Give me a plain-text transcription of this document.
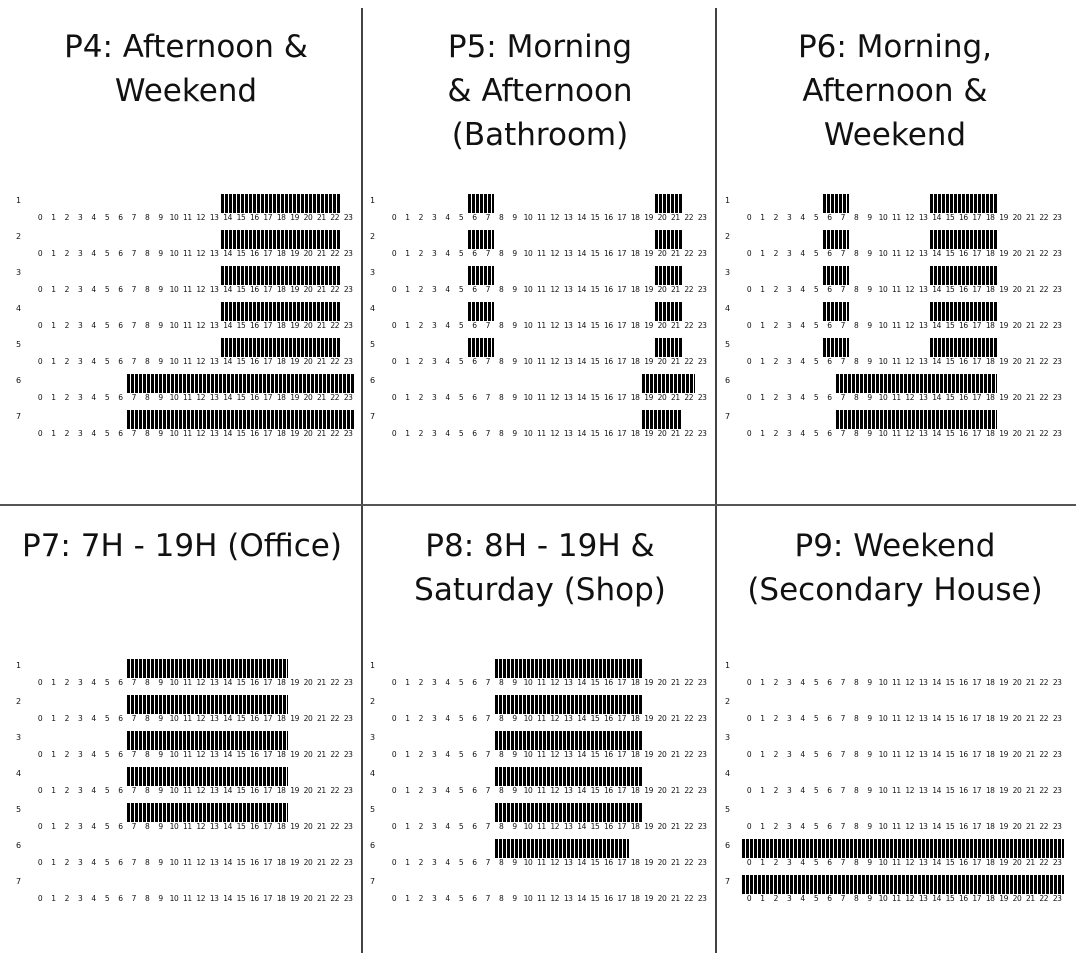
P4: Afternoon &
Weekend
1
0 1 2 3 4 5 6 7 8 9 10 11 12 13 14 15 16 17 18 19 20 21 22 23
2
0 1 2 3 4 5 6 7 8 9 10 11 12 13 14 15 16 17 18 19 20 21 22 23
3
0 1 2 3 4 5 6 7 8 9 10 11 12 13 14 15 16 17 18 19 20 21 22 23
4
0 1 2 3 4 5 6 7 8 9 10 11 12 13 14 15 16 17 18 19 20 21 22 23
5
0 1 2 3 4 5 6 7 8 9 10 11 12 13 14 15 16 17 18 19 20 21 22 23
6
0 1 2 3 4 5 6 7 8 9 10 11 12 13 14 15 16 17 18 19 20 21 22 23
7
0 1 2 3 4 5 6 7 8 9 10 11 12 13 14 15 16 17 18 19 20 21 22 23
P5: Morning
& Afternoon
(Bathroom)
1
0 1 2 3 4 5 6 7 8 9 10 11 12 13 14 15 16 17 18 19 20 21 22 23
2
0 1 2 3 4 5 6 7 8 9 10 11 12 13 14 15 16 17 18 19 20 21 22 23
3
0 1 2 3 4 5 6 7 8 9 10 11 12 13 14 15 16 17 18 19 20 21 22 23
4
0 1 2 3 4 5 6 7 8 9 10 11 12 13 14 15 16 17 18 19 20 21 22 23
5
0 1 2 3 4 5 6 7 8 9 10 11 12 13 14 15 16 17 18 19 20 21 22 23
6
0 1 2 3 4 5 6 7 8 9 10 11 12 13 14 15 16 17 18 19 20 21 22 23
7
0 1 2 3 4 5 6 7 8 9 10 11 12 13 14 15 16 17 18 19 20 21 22 23
P6: Morning,
Afternoon &
Weekend
1
0 1 2 3 4 5 6 7 8 9 10 11 12 13 14 15 16 17 18 19 20 21 22 23
2
0 1 2 3 4 5 6 7 8 9 10 11 12 13 14 15 16 17 18 19 20 21 22 23
3
0 1 2 3 4 5 6 7 8 9 10 11 12 13 14 15 16 17 18 19 20 21 22 23
4
0 1 2 3 4 5 6 7 8 9 10 11 12 13 14 15 16 17 18 19 20 21 22 23
5
0 1 2 3 4 5 6 7 8 9 10 11 12 13 14 15 16 17 18 19 20 21 22 23
6
0 1 2 3 4 5 6 7 8 9 10 11 12 13 14 15 16 17 18 19 20 21 22 23
7
0 1 2 3 4 5 6 7 8 9 10 11 12 13 14 15 16 17 18 19 20 21 22 23
P7: 7H - 19H (Office)
1
0 1 2 3 4 5 6 7 8 9 10 11 12 13 14 15 16 17 18 19 20 21 22 23
2
0 1 2 3 4 5 6 7 8 9 10 11 12 13 14 15 16 17 18 19 20 21 22 23
3
0 1 2 3 4 5 6 7 8 9 10 11 12 13 14 15 16 17 18 19 20 21 22 23
4
0 1 2 3 4 5 6 7 8 9 10 11 12 13 14 15 16 17 18 19 20 21 22 23
5
0 1 2 3 4 5 6 7 8 9 10 11 12 13 14 15 16 17 18 19 20 21 22 23
6
0 1 2 3 4 5 6 7 8 9 10 11 12 13 14 15 16 17 18 19 20 21 22 23
7
0 1 2 3 4 5 6 7 8 9 10 11 12 13 14 15 16 17 18 19 20 21 22 23
P8: 8H - 19H &
Saturday (Shop)
1
0 1 2 3 4 5 6 7 8 9 10 11 12 13 14 15 16 17 18 19 20 21 22 23
2
0 1 2 3 4 5 6 7 8 9 10 11 12 13 14 15 16 17 18 19 20 21 22 23
3
0 1 2 3 4 5 6 7 8 9 10 11 12 13 14 15 16 17 18 19 20 21 22 23
4
0 1 2 3 4 5 6 7 8 9 10 11 12 13 14 15 16 17 18 19 20 21 22 23
5
0 1 2 3 4 5 6 7 8 9 10 11 12 13 14 15 16 17 18 19 20 21 22 23
6
0 1 2 3 4 5 6 7 8 9 10 11 12 13 14 15 16 17 18 19 20 21 22 23
7
0 1 2 3 4 5 6 7 8 9 10 11 12 13 14 15 16 17 18 19 20 21 22 23
P9: Weekend
(Secondary House)
1
0 1 2 3 4 5 6 7 8 9 10 11 12 13 14 15 16 17 18 19 20 21 22 23
2
0 1 2 3 4 5 6 7 8 9 10 11 12 13 14 15 16 17 18 19 20 21 22 23
3
0 1 2 3 4 5 6 7 8 9 10 11 12 13 14 15 16 17 18 19 20 21 22 23
4
0 1 2 3 4 5 6 7 8 9 10 11 12 13 14 15 16 17 18 19 20 21 22 23
5
0 1 2 3 4 5 6 7 8 9 10 11 12 13 14 15 16 17 18 19 20 21 22 23
6
0 1 2 3 4 5 6 7 8 9 10 11 12 13 14 15 16 17 18 19 20 21 22 23
7
0 1 2 3 4 5 6 7 8 9 10 11 12 13 14 15 16 17 18 19 20 21 22 23
